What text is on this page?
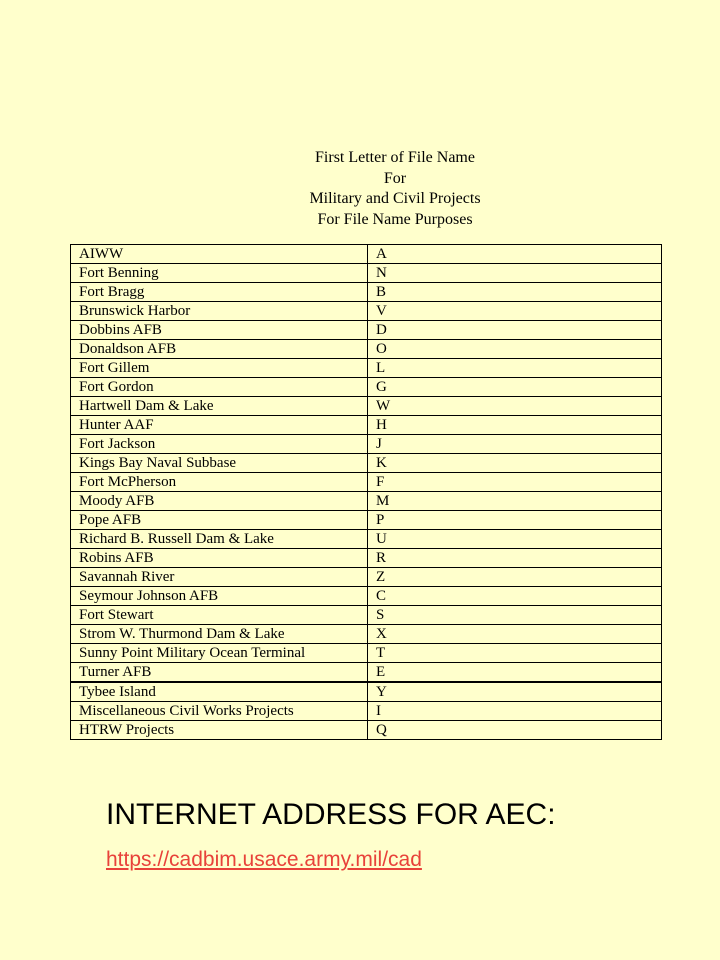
First Letter of File Name
For
Military and Civil Projects
For File Name Purposes
AIWW	A
Fort Benning	N
Fort Bragg	B
Brunswick Harbor	V
Dobbins AFB	D
Donaldson AFB	O
Fort Gillem	L
Fort Gordon	G
Hartwell Dam & Lake	W
Hunter AAF	H
Fort Jackson	J
Kings Bay Naval Subbase	K
Fort McPherson	F
Moody AFB	M
Pope AFB	P
Richard B. Russell Dam & Lake	U
Robins AFB	R
Savannah River	Z
Seymour Johnson AFB	C
Fort Stewart	S
Strom W. Thurmond Dam & Lake	X
Sunny Point Military Ocean Terminal	T
Turner AFB	E
Tybee Island	Y
Miscellaneous Civil Works Projects	I
HTRW Projects	Q
INTERNET ADDRESS FOR AEC:
https://cadbim.usace.army.mil/cad
